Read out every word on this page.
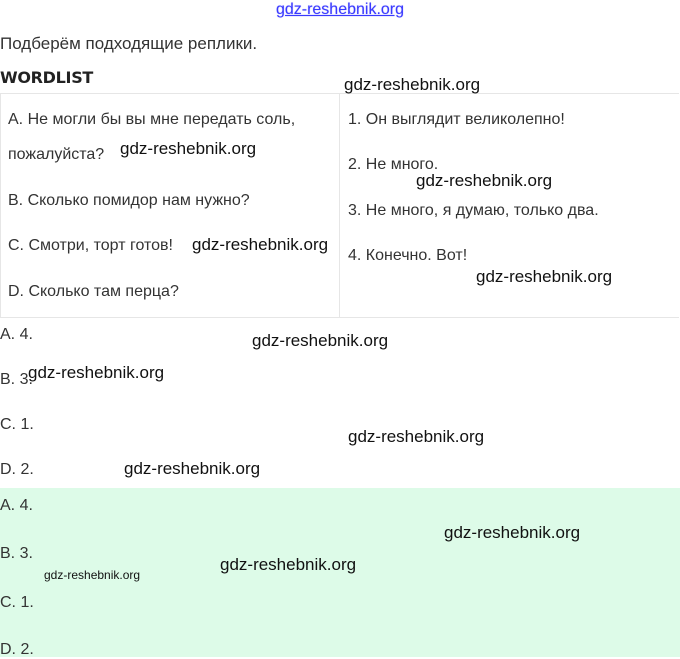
gdz-reshebnik.org
Подберём подходящие реплики.
WORDLIST
A. Не могли бы вы мне передать соль,
пожалуйста?
B. Сколько помидор нам нужно?
C. Смотри, торт готов!
D. Сколько там перца?
1. Он выглядит великолепно!
2. Не много.
3. Не много, я думаю, только два.
4. Конечно. Вот!
A. 4.
B. 3.
C. 1.
D. 2.
A. 4.
B. 3.
C. 1.
D. 2.
gdz-reshebnik.org
gdz-reshebnik.org
gdz-reshebnik.org
gdz-reshebnik.org
gdz-reshebnik.org
gdz-reshebnik.org
gdz-reshebnik.org
gdz-reshebnik.org
gdz-reshebnik.org
gdz-reshebnik.org
gdz-reshebnik.org
gdz-reshebnik.org
